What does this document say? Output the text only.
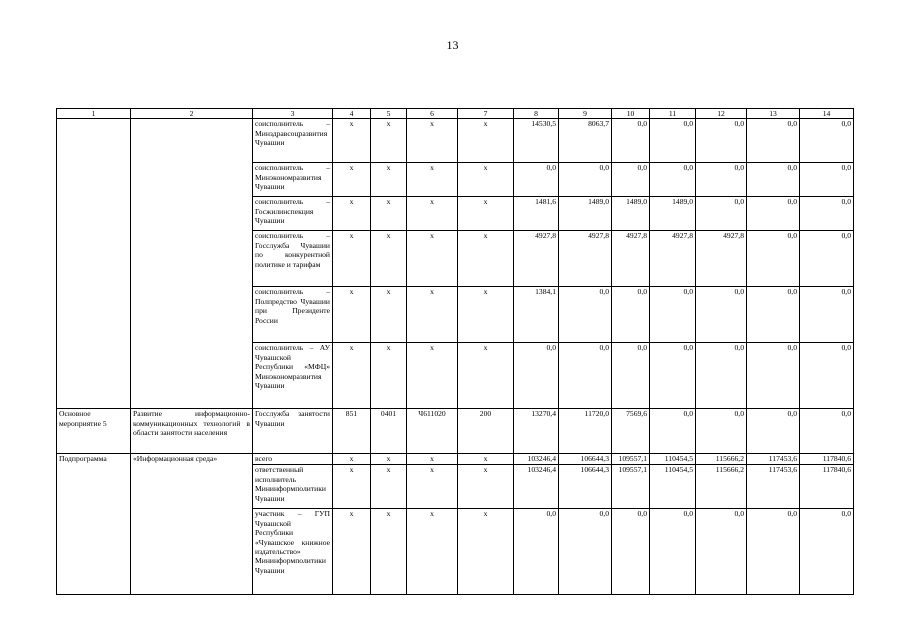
13
1	2	3	4	5	6	7	8	9	10	11	12	13	14
		соисполнитель – Минздравсоцразвития Чувашии	x	x	x	x	14530,5	8063,7	0,0	0,0	0,0	0,0	0,0
		соисполнитель – Минэкономразвития Чувашии	x	x	x	x	0,0	0,0	0,0	0,0	0,0	0,0	0,0
		соисполнитель – Госжилинспекция Чувашии	x	x	x	x	1481,6	1489,0	1489,0	1489,0	0,0	0,0	0,0
		соисполнитель – Госслужба Чувашии по конкурентной политике и тарифам	x	x	x	x	4927,8	4927,8	4927,8	4927,8	4927,8	0,0	0,0
		соисполнитель – Полпредство Чувашии при Президенте России	x	x	x	x	1384,1	0,0	0,0	0,0	0,0	0,0	0,0
		соисполнитель – АУ Чувашской Республики «МФЦ» Минэкономразвития Чувашии	x	x	x	x	0,0	0,0	0,0	0,0	0,0	0,0	0,0
Основное мероприятие 5	Развитие информационно-коммуникационных технологий в области занятости населения	Госслужба занятости Чувашии	851	0401	Ч611020	200	13270,4	11720,0	7569,6	0,0	0,0	0,0	0,0
Подпрограмма	«Информационная среда»	всего	x	x	x	x	103246,4	106644,3	109557,1	110454,5	115666,2	117453,6	117840,6
		ответственный исполнитель Мининформполитики Чувашии	x	x	x	x	103246,4	106644,3	109557,1	110454,5	115666,2	117453,6	117840,6
		участник – ГУП Чувашской Республики «Чувашское книжное издательство» Мининформполитики Чувашии	x	x	x	x	0,0	0,0	0,0	0,0	0,0	0,0	0,0
